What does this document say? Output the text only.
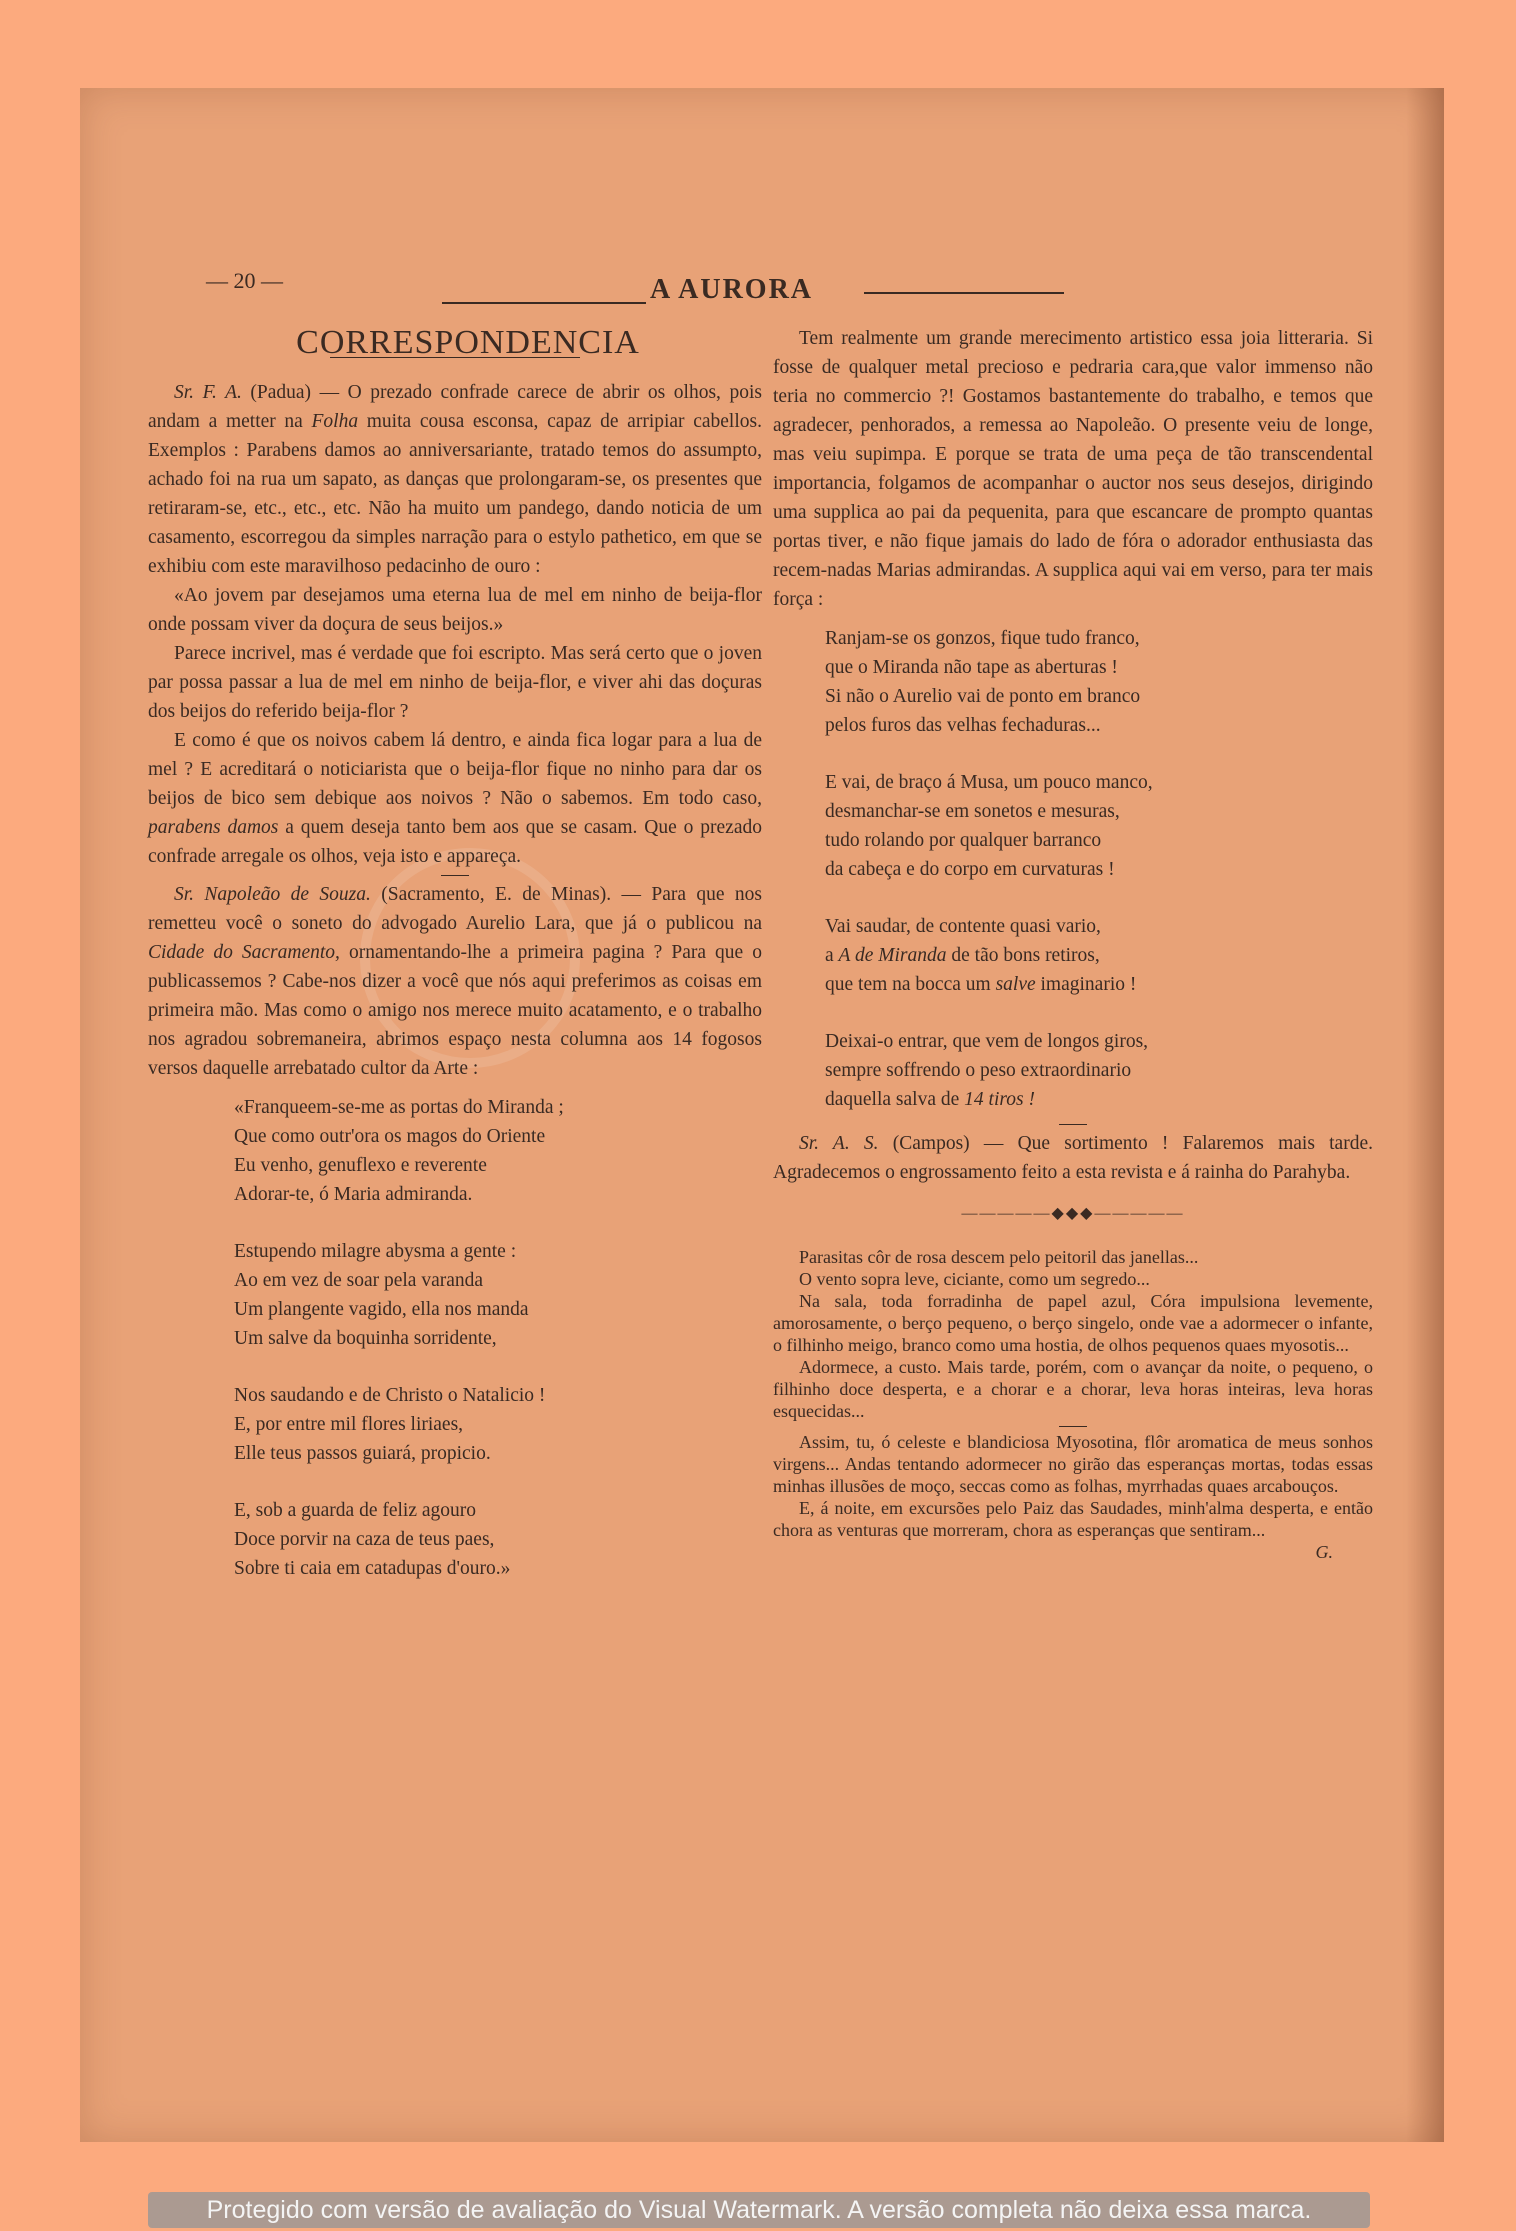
— 20 —	A AURORA

CORRESPONDENCIA

Sr. F. A. (Padua) — O prezado confrade carece de abrir os olhos, pois andam a metter na Folha muita cousa esconsa, capaz de arripiar cabellos. Exemplos : Parabens damos ao anniversariante, tratado temos do assumpto, achado foi na rua um sapato, as danças que prolongaram-se, os presentes que retiraram-se, etc., etc., etc. Não ha muito um pandego, dando noticia de um casamento, escorregou da simples narração para o estylo pathetico, em que se exhibiu com este maravilhoso pedacinho de ouro :

«Ao jovem par desejamos uma eterna lua de mel em ninho de beija-flor onde possam viver da doçura de seus beijos.»

Parece incrivel, mas é verdade que foi escripto. Mas será certo que o joven par possa passar a lua de mel em ninho de beija-flor, e viver ahi das doçuras dos beijos do referido beija-flor ?

E como é que os noivos cabem lá dentro, e ainda fica logar para a lua de mel ? E acreditará o noticiarista que o beija-flor fique no ninho para dar os beijos de bico sem debique aos noivos ? Não o sabemos. Em todo caso, parabens damos a quem deseja tanto bem aos que se casam. Que o prezado confrade arregale os olhos, veja isto e appareça.

Sr. Napoleão de Souza. (Sacramento, E. de Minas). — Para que nos remetteu você o soneto do advogado Aurelio Lara, que já o publicou na Cidade do Sacramento, ornamentando-lhe a primeira pagina ? Para que o publicassemos ? Cabe-nos dizer a você que nós aqui preferimos as coisas em primeira mão. Mas como o amigo nos merece muito acatamento, e o trabalho nos agradou sobremaneira, abrimos espaço nesta columna aos 14 fogosos versos daquelle arrebatado cultor da Arte :

«Franqueem-se-me as portas do Miranda ;
Que como outr'ora os magos do Oriente
Eu venho, genuflexo e reverente
Adorar-te, ó Maria admiranda.
Estupendo milagre abysma a gente :
Ao em vez de soar pela varanda
Um plangente vagido, ella nos manda
Um salve da boquinha sorridente,
Nos saudando e de Christo o Natalicio !
E, por entre mil flores liriaes,
Elle teus passos guiará, propicio.
E, sob a guarda de feliz agouro
Doce porvir na caza de teus paes,
Sobre ti caia em catadupas d'ouro.»

Tem realmente um grande merecimento artistico essa joia litteraria. Si fosse de qualquer metal precioso e pedraria cara,que valor immenso não teria no commercio ?! Gostamos bastantemente do trabalho, e temos que agradecer, penhorados, a remessa ao Napoleão. O presente veiu de longe, mas veiu supimpa. E porque se trata de uma peça de tão transcendental importancia, folgamos de acompanhar o auctor nos seus desejos, dirigindo uma supplica ao pai da pequenita, para que escancare de prompto quantas portas tiver, e não fique jamais do lado de fóra o adorador enthusiasta das recem-nadas Marias admirandas. A supplica aqui vai em verso, para ter mais força :

Ranjam-se os gonzos, fique tudo franco,
que o Miranda não tape as aberturas !
Si não o Aurelio vai de ponto em branco
pelos furos das velhas fechaduras...
E vai, de braço á Musa, um pouco manco,
desmanchar-se em sonetos e mesuras,
tudo rolando por qualquer barranco
da cabeça e do corpo em curvaturas !
Vai saudar, de contente quasi vario,
a A de Miranda de tão bons retiros,
que tem na bocca um salve imaginario !
Deixai-o entrar, que vem de longos giros,
sempre soffrendo o peso extraordinario
daquella salva de 14 tiros !

Sr. A. S. (Campos) — Que sortimento ! Falaremos mais tarde. Agradecemos o engrossamento feito a esta revista e á rainha do Parahyba.

—————◆◆◆—————

Parasitas côr de rosa descem pelo peitoril das janellas...

O vento sopra leve, ciciante, como um segredo...

Na sala, toda forradinha de papel azul, Córa impulsiona levemente, amorosamente, o berço pequeno, o berço singelo, onde vae a adormecer o infante, o filhinho meigo, branco como uma hostia, de olhos pequenos quaes myosotis...

Adormece, a custo. Mais tarde, porém, com o avançar da noite, o pequeno, o filhinho doce desperta, e a chorar e a chorar, leva horas inteiras, leva horas esquecidas...

Assim, tu, ó celeste e blandiciosa Myosotina, flôr aromatica de meus sonhos virgens... Andas tentando adormecer no girão das esperanças mortas, todas essas minhas illusões de moço, seccas como as folhas, myrrhadas quaes arcabouços.

E, á noite, em excursões pelo Paiz das Saudades, minh'alma desperta, e então chora as venturas que morreram, chora as esperanças que sentiram...

G.

Protegido com versão de avaliação do Visual Watermark. A versão completa não deixa essa marca.
